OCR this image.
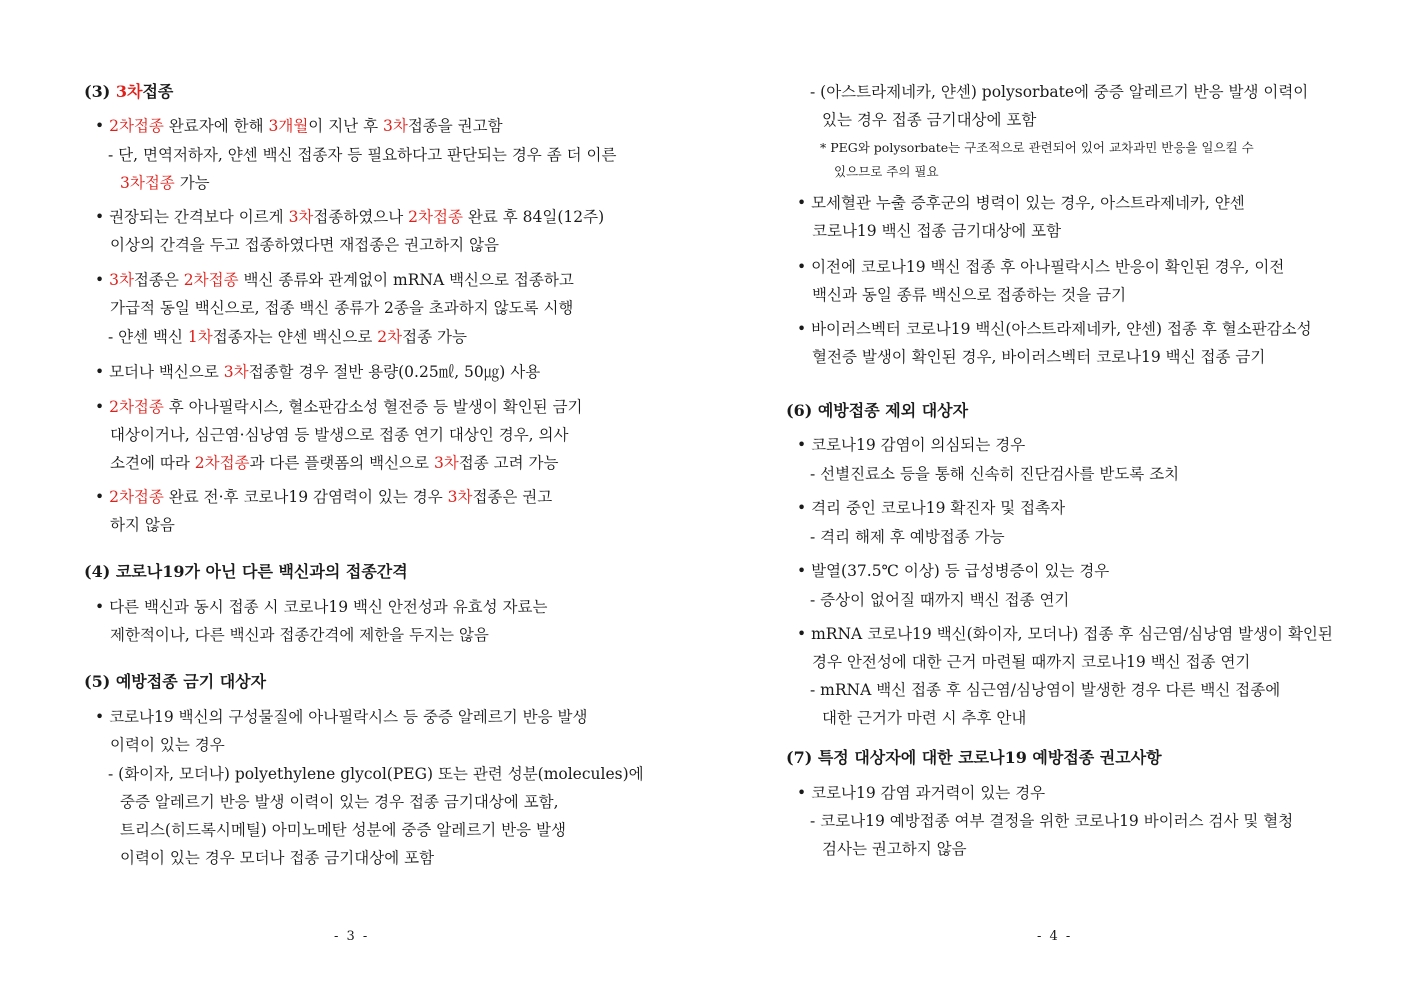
(3) 3차접종
• 2차접종 완료자에 한해 3개월이 지난 후 3차접종을 권고함
- 단, 면역저하자, 얀센 백신 접종자 등 필요하다고 판단되는 경우 좀 더 이른
3차접종 가능
• 권장되는 간격보다 이르게 3차접종하였으나 2차접종 완료 후 84일(12주)
이상의 간격을 두고 접종하였다면 재접종은 권고하지 않음
• 3차접종은 2차접종 백신 종류와 관계없이 mRNA 백신으로 접종하고
가급적 동일 백신으로, 접종 백신 종류가 2종을 초과하지 않도록 시행
- 얀센 백신 1차접종자는 얀센 백신으로 2차접종 가능
• 모더나 백신으로 3차접종할 경우 절반 용량(0.25㎖, 50㎍) 사용
• 2차접종 후 아나필락시스, 혈소판감소성 혈전증 등 발생이 확인된 금기
대상이거나, 심근염·심낭염 등 발생으로 접종 연기 대상인 경우, 의사
소견에 따라 2차접종과 다른 플랫폼의 백신으로 3차접종 고려 가능
• 2차접종 완료 전·후 코로나19 감염력이 있는 경우 3차접종은 권고
하지 않음
(4) 코로나19가 아닌 다른 백신과의 접종간격
• 다른 백신과 동시 접종 시 코로나19 백신 안전성과 유효성 자료는
제한적이나, 다른 백신과 접종간격에 제한을 두지는 않음
(5) 예방접종 금기 대상자
• 코로나19 백신의 구성물질에 아나필락시스 등 중증 알레르기 반응 발생
이력이 있는 경우
- (화이자, 모더나) polyethylene glycol(PEG) 또는 관련 성분(molecules)에
중증 알레르기 반응 발생 이력이 있는 경우 접종 금기대상에 포함,
트리스(히드록시메틸) 아미노메탄 성분에 중증 알레르기 반응 발생
이력이 있는 경우 모더나 접종 금기대상에 포함
- 3 -
- (아스트라제네카, 얀센) polysorbate에 중증 알레르기 반응 발생 이력이
있는 경우 접종 금기대상에 포함
* PEG와 polysorbate는 구조적으로 관련되어 있어 교차과민 반응을 일으킬 수
있으므로 주의 필요
• 모세혈관 누출 증후군의 병력이 있는 경우, 아스트라제네카, 얀센
코로나19 백신 접종 금기대상에 포함
• 이전에 코로나19 백신 접종 후 아나필락시스 반응이 확인된 경우, 이전
백신과 동일 종류 백신으로 접종하는 것을 금기
• 바이러스벡터 코로나19 백신(아스트라제네카, 얀센) 접종 후 혈소판감소성
혈전증 발생이 확인된 경우, 바이러스벡터 코로나19 백신 접종 금기
(6) 예방접종 제외 대상자
• 코로나19 감염이 의심되는 경우
- 선별진료소 등을 통해 신속히 진단검사를 받도록 조치
• 격리 중인 코로나19 확진자 및 접촉자
- 격리 해제 후 예방접종 가능
• 발열(37.5℃ 이상) 등 급성병증이 있는 경우
- 증상이 없어질 때까지 백신 접종 연기
• mRNA 코로나19 백신(화이자, 모더나) 접종 후 심근염/심낭염 발생이 확인된
경우 안전성에 대한 근거 마련될 때까지 코로나19 백신 접종 연기
- mRNA 백신 접종 후 심근염/심낭염이 발생한 경우 다른 백신 접종에
대한 근거가 마련 시 추후 안내
(7) 특정 대상자에 대한 코로나19 예방접종 권고사항
• 코로나19 감염 과거력이 있는 경우
- 코로나19 예방접종 여부 결정을 위한 코로나19 바이러스 검사 및 혈청
검사는 권고하지 않음
- 4 -
